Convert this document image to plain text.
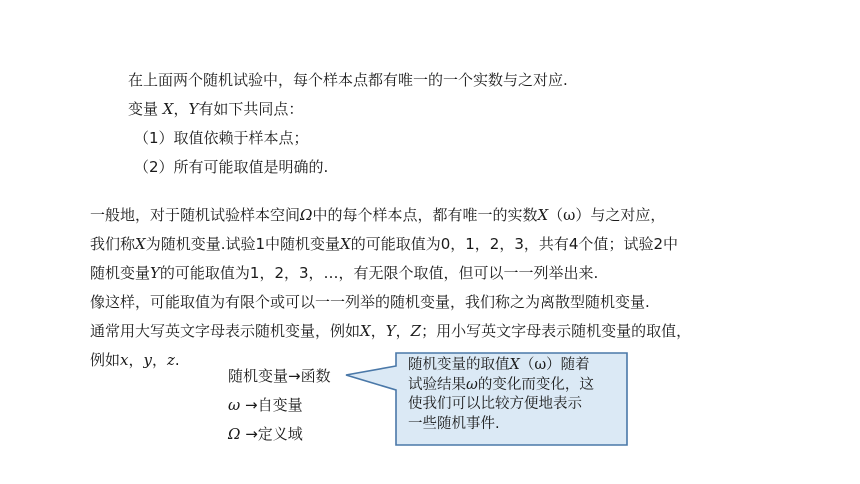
在上面两个随机试验中，每个样本点都有唯一的一个实数与之对应.
变量 X，Y有如下共同点：
（1）取值依赖于样本点；
（2）所有可能取值是明确的.
一般地，对于随机试验样本空间Ω中的每个样本点，都有唯一的实数X（ω）与之对应，
我们称X为随机变量.试验1中随机变量X的可能取值为0，1，2，3，共有4个值；试验2中
随机变量Y的可能取值为1，2，3，…，有无限个取值，但可以一一列举出来.
像这样，可能取值为有限个或可以一一列举的随机变量，我们称之为离散型随机变量.
通常用大写英文字母表示随机变量，例如X，Y，Z；用小写英文字母表示随机变量的取值，
例如x，y，z.
随机变量→函数
ω →自变量
Ω →定义域
随机变量的取值X（ω）随着
试验结果ω的变化而变化，这
使我们可以比较方便地表示
一些随机事件.
